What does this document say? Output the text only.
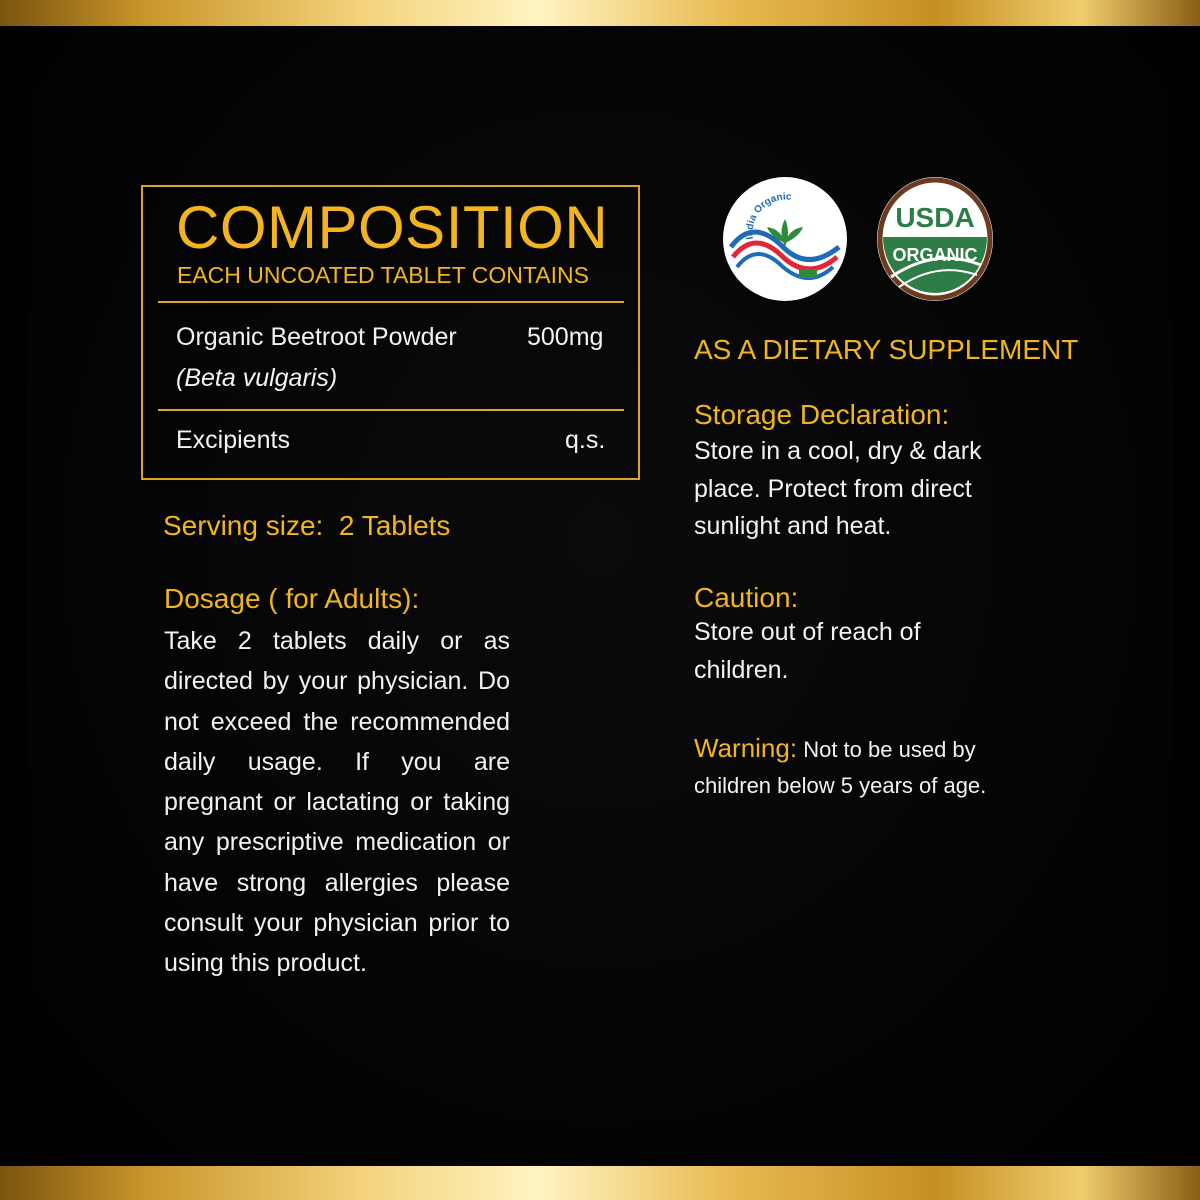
COMPOSITION
EACH UNCOATED TABLET CONTAINS
Organic Beetroot Powder	500mg
(Beta vulgaris)
Excipients	q.s.
Serving size: 2 Tablets
Dosage ( for Adults):
Take 2 tablets daily or as directed by your physician. Do not exceed the recommended daily usage. If you are pregnant or lactating or taking any prescriptive medication or have strong allergies please consult your physician prior to using this product.
India Organic
USDA
ORGANIC
AS A DIETARY SUPPLEMENT
Storage Declaration:
Store in a cool, dry & dark place. Protect from direct sunlight and heat.
Caution:
Store out of reach of children.
Warning: Not to be used by children below 5 years of age.
